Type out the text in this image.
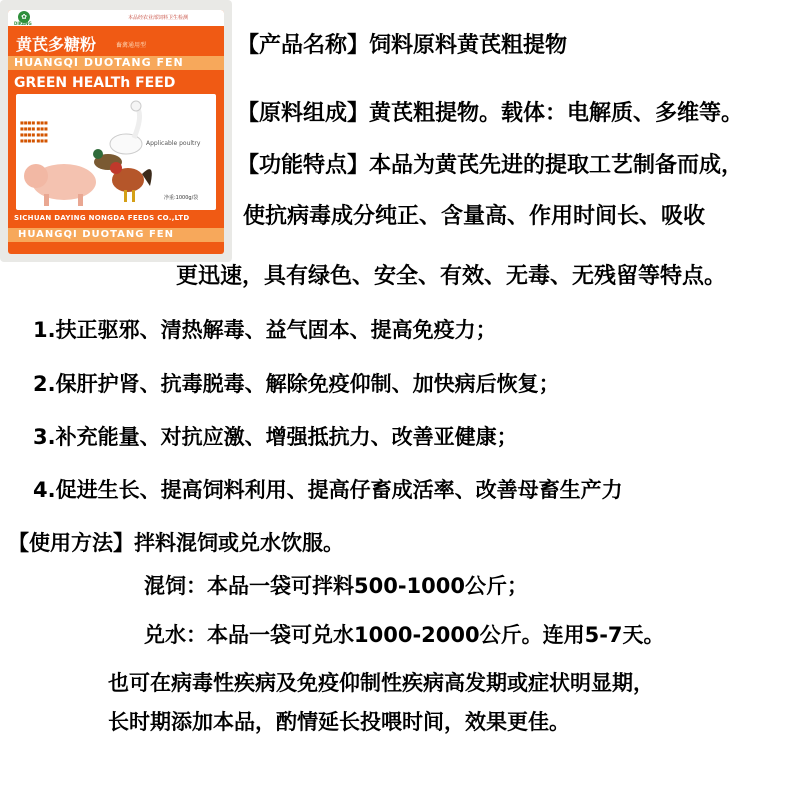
✿
DIKANG
本品经农业部饲料卫生检测
黄芪多糖粉	畜禽通用型
HUANGQI DUOTANG FEN
GREEN HEALTh FEED
■■■■ ■■■
■■■■ ■■■
■■■■ ■■■
■■■■ ■■■	Applicable poultry
净重:1000g/袋
SICHUAN DAYING NONGDA FEEDS CO.,LTD
HUANGQI DUOTANG FEN
【产品名称】饲料原料黄芪粗提物
【原料组成】黄芪粗提物。载体：电解质、多维等。
【功能特点】本品为黄芪先进的提取工艺制备而成，
使抗病毒成分纯正、含量高、作用时间长、吸收
更迅速，具有绿色、安全、有效、无毒、无残留等特点。
1.扶正驱邪、清热解毒、益气固本、提高免疫力；
2.保肝护肾、抗毒脱毒、解除免疫仰制、加快病后恢复；
3.补充能量、对抗应激、增强抵抗力、改善亚健康；
4.促进生长、提高饲料利用、提高仔畜成活率、改善母畜生产力
【使用方法】拌料混饲或兑水饮服。
混饲：本品一袋可拌料500-1000公斤；
兑水：本品一袋可兑水1000-2000公斤。连用5-7天。
也可在病毒性疾病及免疫仰制性疾病高发期或症状明显期，
长时期添加本品，酌情延长投喂时间，效果更佳。
